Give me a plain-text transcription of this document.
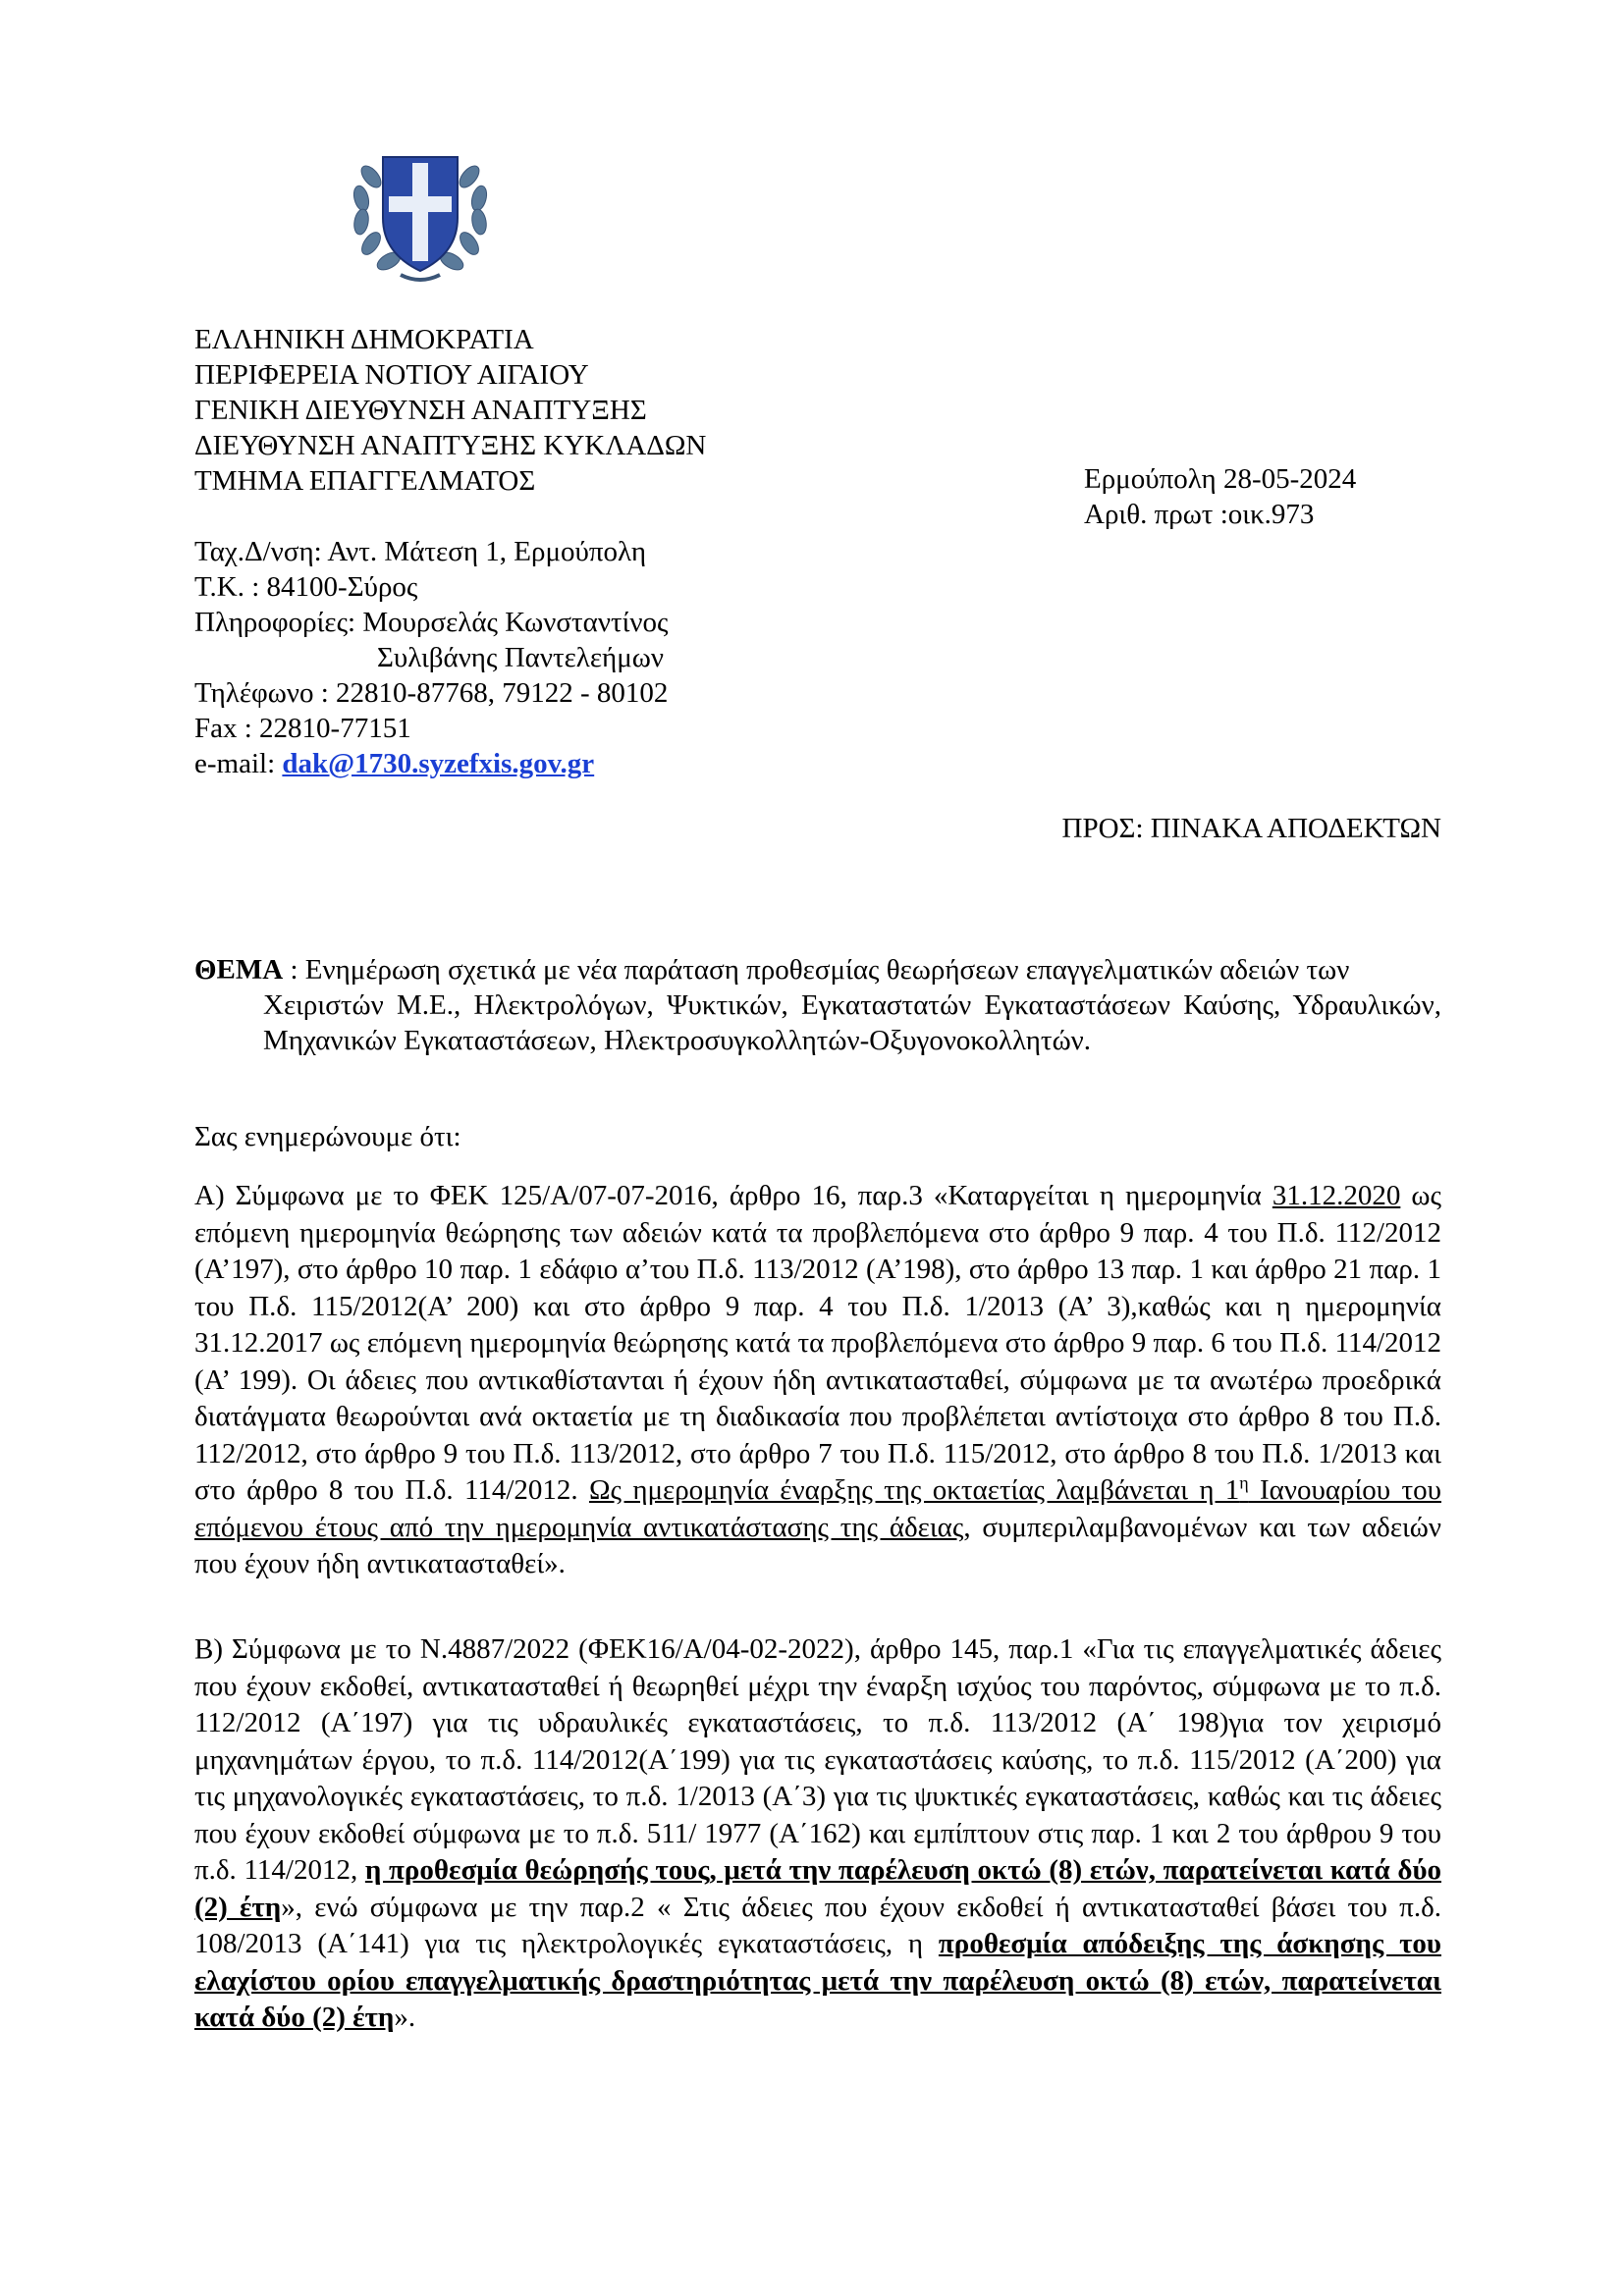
ΕΛΛΗΝΙΚΗ ΔΗΜΟΚΡΑΤΙΑ
ΠΕΡΙΦΕΡΕΙΑ ΝΟΤΙΟΥ ΑΙΓΑΙΟΥ
ΓΕΝΙΚΗ ΔΙΕΥΘΥΝΣΗ ΑΝΑΠΤΥΞΗΣ
ΔΙΕΥΘΥΝΣΗ ΑΝΑΠΤΥΞΗΣ ΚΥΚΛΑΔΩΝ
ΤΜΗΜΑ ΕΠΑΓΓΕΛΜΑΤΟΣ	Ερμούπολη 28-05-2024
Αριθ. πρωτ :οικ.973
Ταχ.Δ/νση: Αντ. Μάτεση 1, Ερμούπολη
Τ.Κ. : 84100-Σύρος
Πληροφορίες: Μουρσελάς Κωνσταντίνος
Συλιβάνης Παντελεήμων
Τηλέφωνο : 22810-87768, 79122 - 80102
Fax : 22810-77151
e-mail: dak@1730.syzefxis.gov.gr
ΠΡΟΣ: ΠΙΝΑΚΑ ΑΠΟΔΕΚΤΩΝ
ΘΕΜΑ : Ενημέρωση σχετικά με νέα παράταση προθεσμίας θεωρήσεων επαγγελματικών αδειών των
Χειριστών Μ.Ε., Ηλεκτρολόγων, Ψυκτικών, Εγκαταστατών Εγκαταστάσεων Καύσης, Υδραυλικών, Μηχανικών Εγκαταστάσεων, Ηλεκτροσυγκολλητών-Οξυγονοκολλητών.
Σας ενημερώνουμε ότι:
Α) Σύμφωνα με το ΦΕΚ 125/Α/07-07-2016, άρθρο 16, παρ.3 «Καταργείται η ημερομηνία 31.12.2020 ως επόμενη ημερομηνία θεώρησης των αδειών κατά τα προβλεπόμενα στο άρθρο 9 παρ. 4 του Π.δ. 112/2012 (Α’197), στο άρθρο 10 παρ. 1 εδάφιο α’του Π.δ. 113/2012 (Α’198), στο άρθρο 13 παρ. 1 και άρθρο 21 παρ. 1 του Π.δ. 115/2012(Α’ 200) και στο άρθρο 9 παρ. 4 του Π.δ. 1/2013 (Α’ 3),καθώς και η ημερομηνία 31.12.2017 ως επόμενη ημερομηνία θεώρησης κατά τα προβλεπόμενα στο άρθρο 9 παρ. 6 του Π.δ. 114/2012 (Α’ 199). Οι άδειες που αντικαθίστανται ή έχουν ήδη αντικατασταθεί, σύμφωνα με τα ανωτέρω προεδρικά διατάγματα θεωρούνται ανά οκταετία με τη διαδικασία που προβλέπεται αντίστοιχα στο άρθρο 8 του Π.δ. 112/2012, στο άρθρο 9 του Π.δ. 113/2012, στο άρθρο 7 του Π.δ. 115/2012, στο άρθρο 8 του Π.δ. 1/2013 και στο άρθρο 8 του Π.δ. 114/2012. Ως ημερομηνία έναρξης της οκταετίας λαμβάνεται η $1^\eta$ Ιανουαρίου του επόμενου έτους από την ημερομηνία αντικατάστασης της άδειας, συμπεριλαμβανομένων και των αδειών που έχουν ήδη αντικατασταθεί».
Β) Σύμφωνα με το Ν.4887/2022 (ΦΕΚ16/Α/04-02-2022), άρθρο 145, παρ.1 «Για τις επαγγελματικές άδειες που έχουν εκδοθεί, αντικατασταθεί ή θεωρηθεί μέχρι την έναρξη ισχύος του παρόντος, σύμφωνα με το π.δ. 112/2012 (Α΄197) για τις υδραυλικές εγκαταστάσεις, το π.δ. 113/2012 (Α΄ 198)για τον χειρισμό μηχανημάτων έργου, το π.δ. 114/2012(Α΄199) για τις εγκαταστάσεις καύσης, το π.δ. 115/2012 (Α΄200) για τις μηχανολογικές εγκαταστάσεις, το π.δ. 1/2013 (Α΄3) για τις ψυκτικές εγκαταστάσεις, καθώς και τις άδειες που έχουν εκδοθεί σύμφωνα με το π.δ. 511/ 1977 (Α΄162) και εμπίπτουν στις παρ. 1 και 2 του άρθρου 9 του π.δ. 114/2012, η προθεσμία θεώρησής τους, μετά την παρέλευση οκτώ (8) ετών, παρατείνεται κατά δύο (2) έτη», ενώ σύμφωνα με την παρ.2 « Στις άδειες που έχουν εκδοθεί ή αντικατασταθεί βάσει του π.δ. 108/2013 (Α΄141) για τις ηλεκτρολογικές εγκαταστάσεις, η προθεσμία απόδειξης της άσκησης του ελαχίστου ορίου επαγγελματικής δραστηριότητας μετά την παρέλευση οκτώ (8) ετών, παρατείνεται κατά δύο (2) έτη».
